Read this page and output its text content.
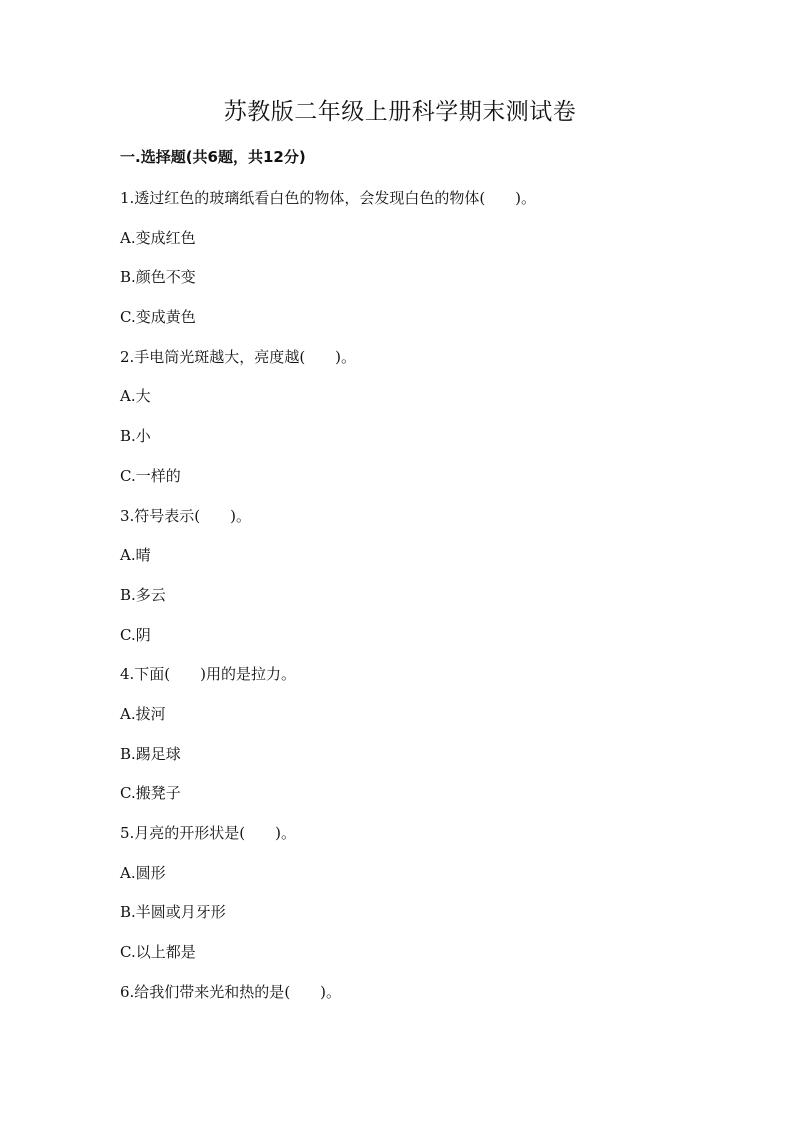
苏教版二年级上册科学期末测试卷
一.选择题(共6题，共12分)
1.透过红色的玻璃纸看白色的物体，会发现白色的物体(　　)。
A.变成红色
B.颜色不变
C.变成黄色
2.手电筒光斑越大，亮度越(　　)。
A.大
B.小
C.一样的
3.符号表示(　　)。
A.晴
B.多云
C.阴
4.下面(　　)用的是拉力。
A.拔河
B.踢足球
C.搬凳子
5.月亮的开形状是(　　)。
A.圆形
B.半圆或月牙形
C.以上都是
6.给我们带来光和热的是(　　)。
